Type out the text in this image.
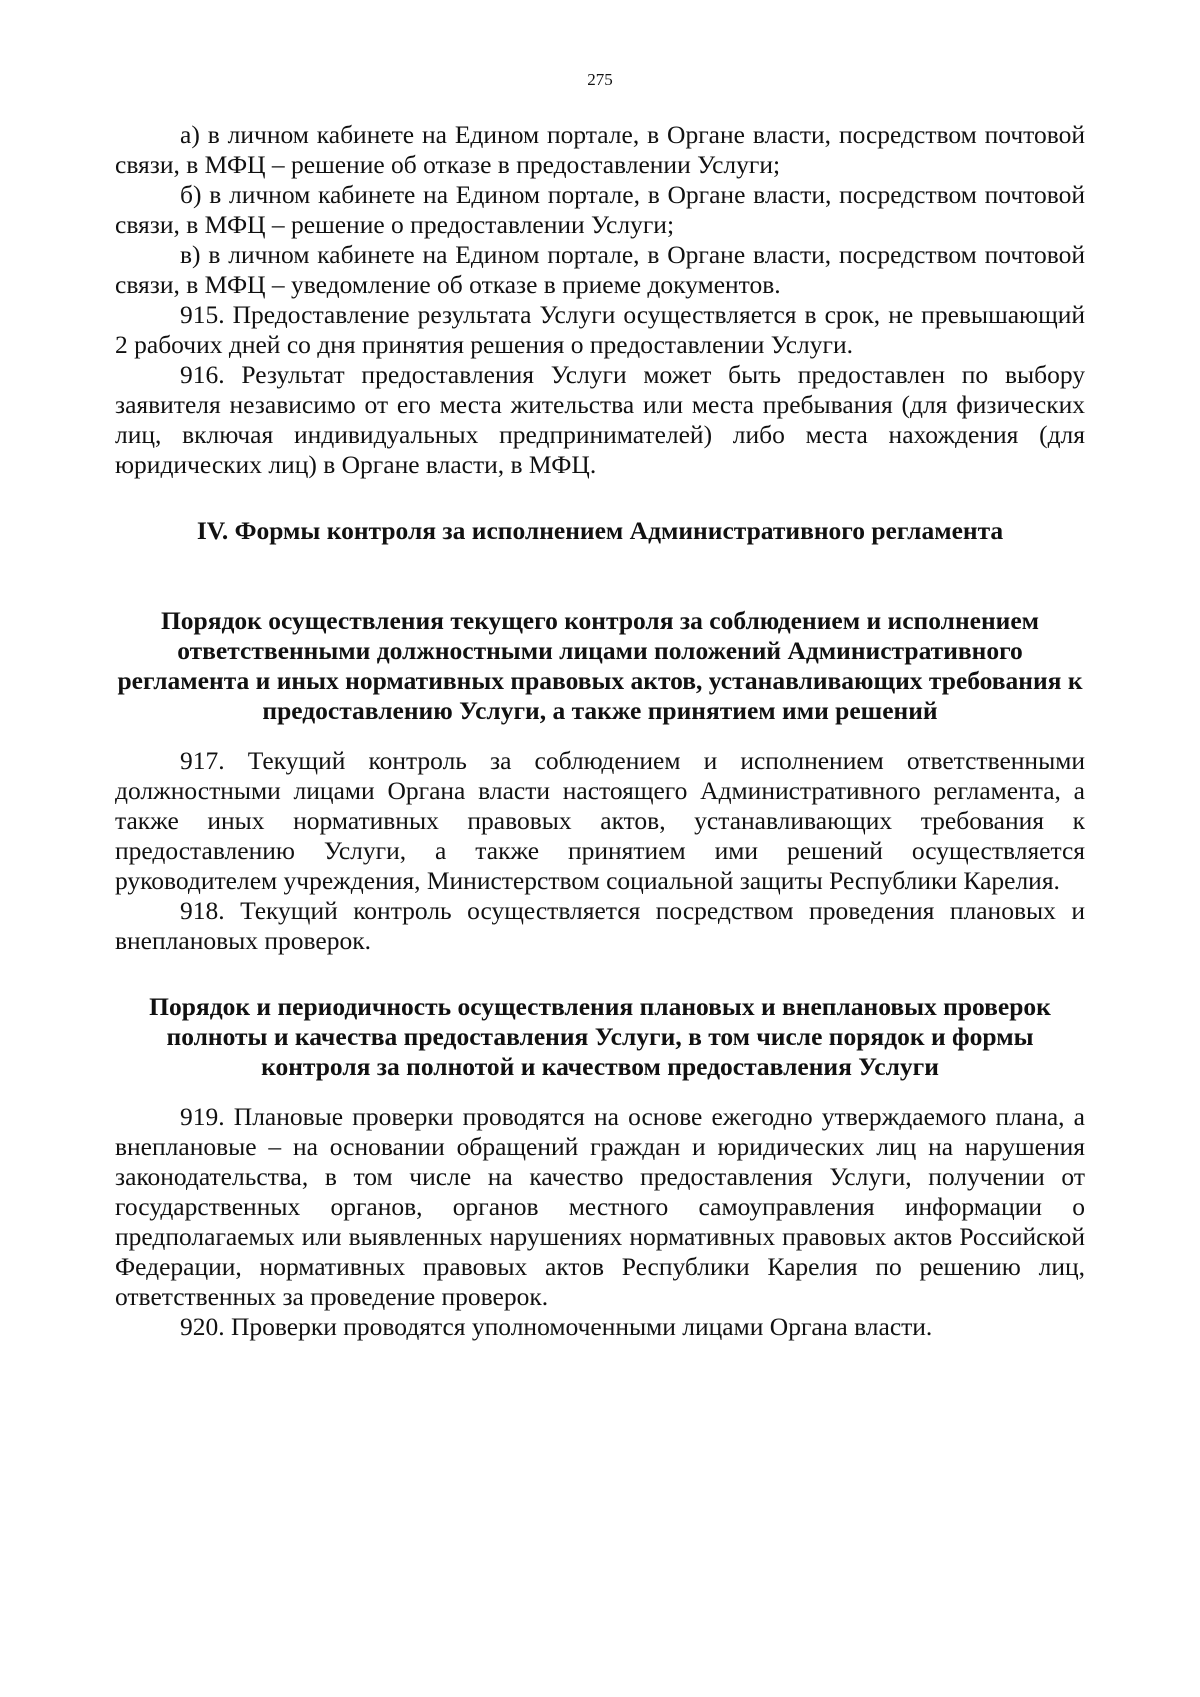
275

а) в личном кабинете на Едином портале, в Органе власти, посредством почтовой связи, в МФЦ – решение об отказе в предоставлении Услуги;

б) в личном кабинете на Едином портале, в Органе власти, посредством почтовой связи, в МФЦ – решение о предоставлении Услуги;

в) в личном кабинете на Едином портале, в Органе власти, посредством почтовой связи, в МФЦ – уведомление об отказе в приеме документов.

915. Предоставление результата Услуги осуществляется в срок, не превышающий 2 рабочих дней со дня принятия решения о предоставлении Услуги.

916. Результат предоставления Услуги может быть предоставлен по выбору заявителя независимо от его места жительства или места пребывания (для физических лиц, включая индивидуальных предпринимателей) либо места нахождения (для юридических лиц) в Органе власти, в МФЦ.

IV. Формы контроля за исполнением Административного регламента
Порядок осуществления текущего контроля за соблюдением и исполнением ответственными должностными лицами положений Административного регламента и иных нормативных правовых актов, устанавливающих требования к предоставлению Услуги, а также принятием ими решений

917. Текущий контроль за соблюдением и исполнением ответственными должностными лицами Органа власти настоящего Административного регламента, а также иных нормативных правовых актов, устанавливающих требования к предоставлению Услуги, а также принятием ими решений осуществляется руководителем учреждения, Министерством социальной защиты Республики Карелия.

918. Текущий контроль осуществляется посредством проведения плановых и внеплановых проверок.

Порядок и периодичность осуществления плановых и внеплановых проверок полноты и качества предоставления Услуги, в том числе порядок и формы контроля за полнотой и качеством предоставления Услуги

919. Плановые проверки проводятся на основе ежегодно утверждаемого плана, а внеплановые – на основании обращений граждан и юридических лиц на нарушения законодательства, в том числе на качество предоставления Услуги, получении от государственных органов, органов местного самоуправления информации о предполагаемых или выявленных нарушениях нормативных правовых актов Российской Федерации, нормативных правовых актов Республики Карелия по решению лиц, ответственных за проведение проверок.

920. Проверки проводятся уполномоченными лицами Органа власти.
